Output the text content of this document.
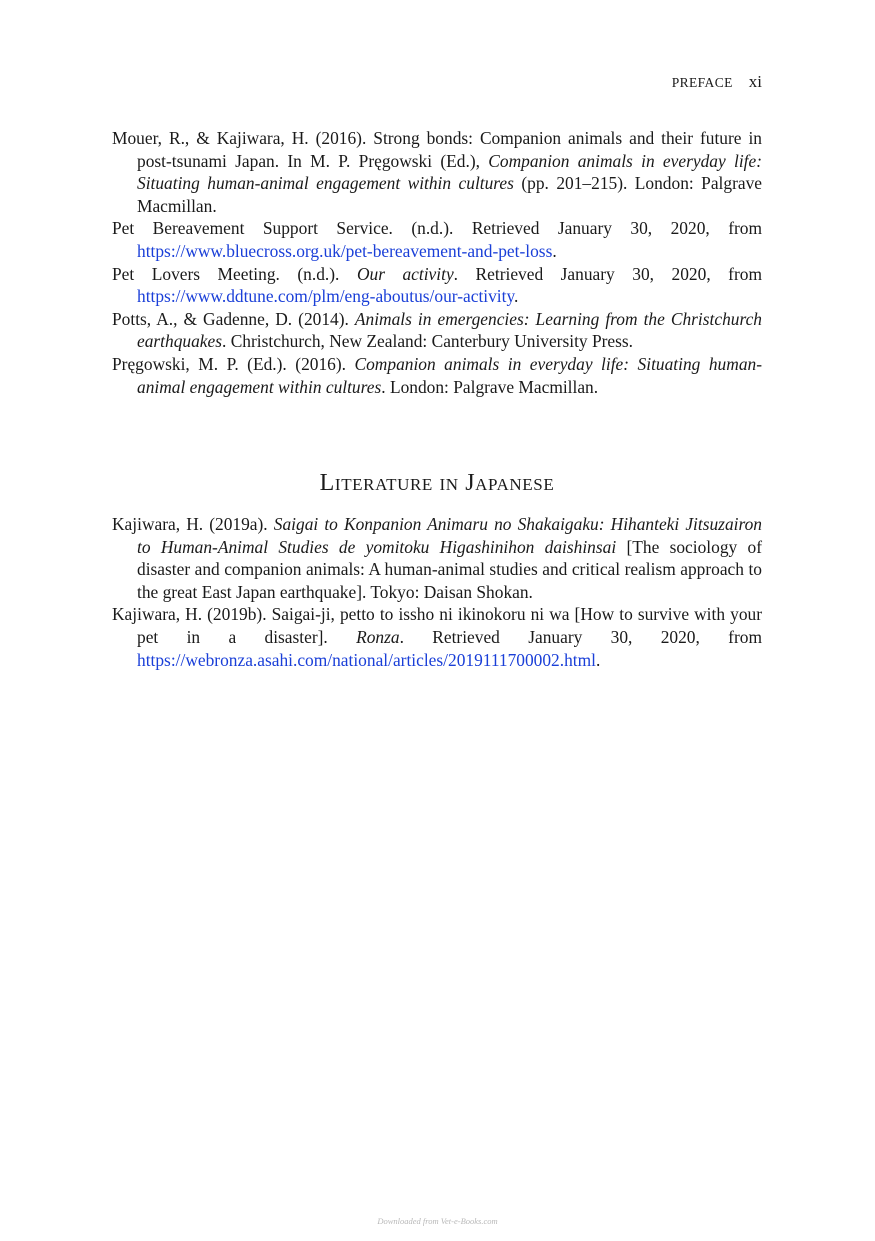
PREFACE xi

Mouer, R., & Kajiwara, H. (2016). Strong bonds: Companion animals and their future in post-tsunami Japan. In M. P. Pręgowski (Ed.), Companion animals in everyday life: Situating human-animal engagement within cultures (pp. 201–215). London: Palgrave Macmillan.

Pet Bereavement Support Service. (n.d.). Retrieved January 30, 2020, from https://www.bluecross.org.uk/pet-bereavement-and-pet-loss.

Pet Lovers Meeting. (n.d.). Our activity. Retrieved January 30, 2020, from https://www.ddtune.com/plm/eng-aboutus/our-activity.

Potts, A., & Gadenne, D. (2014). Animals in emergencies: Learning from the Christchurch earthquakes. Christchurch, New Zealand: Canterbury University Press.

Pręgowski, M. P. (Ed.). (2016). Companion animals in everyday life: Situating human-animal engagement within cultures. London: Palgrave Macmillan.

Literature in Japanese

Kajiwara, H. (2019a). Saigai to Konpanion Animaru no Shakaigaku: Hihanteki Jitsuzairon to Human-Animal Studies de yomitoku Higashinihon daishinsai [The sociology of disaster and companion animals: A human-animal studies and critical realism approach to the great East Japan earthquake]. Tokyo: Daisan Shokan.

Kajiwara, H. (2019b). Saigai-ji, petto to issho ni ikinokoru ni wa [How to survive with your pet in a disaster]. Ronza. Retrieved January 30, 2020, from https://webronza.asahi.com/national/articles/2019111700002.html.

Downloaded from Vet-e-Books.com
